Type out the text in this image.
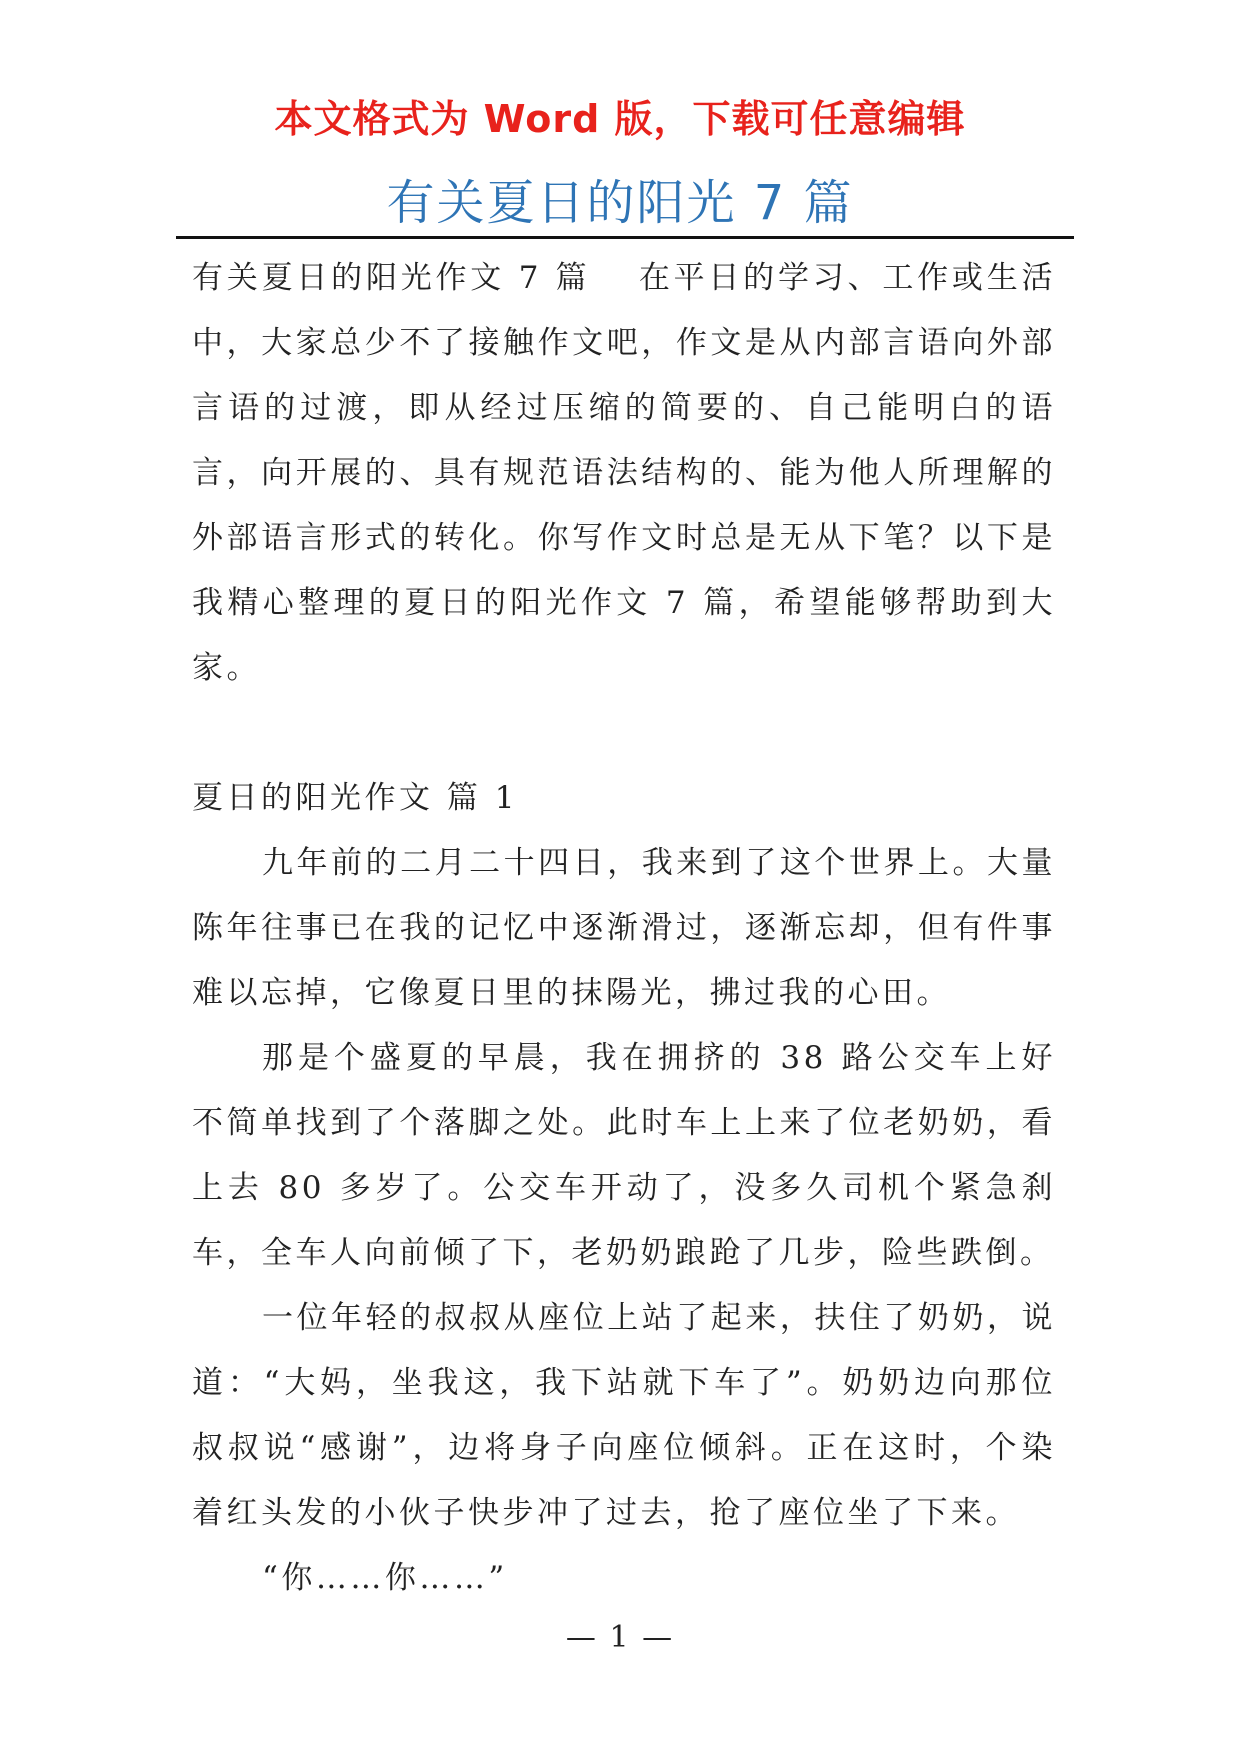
本文格式为 Word 版，下载可任意编辑
有关夏日的阳光 7 篇

有关夏日的阳光作文 7 篇　 在平日的学习、工作或生活中，大家总少不了接触作文吧，作文是从内部言语向外部言语的过渡，即从经过压缩的简要的、自己能明白的语言，向开展的、具有规范语法结构的、能为他人所理解的外部语言形式的转化。你写作文时总是无从下笔？以下是我精心整理的夏日的阳光作文 7 篇，希望能够帮助到大家。

夏日的阳光作文 篇 1

九年前的二月二十四日，我来到了这个世界上。大量陈年往事已在我的记忆中逐渐滑过，逐渐忘却，但有件事难以忘掉，它像夏日里的抹陽光，拂过我的心田。

那是个盛夏的早晨，我在拥挤的 38 路公交车上好不简单找到了个落脚之处。此时车上上来了位老奶奶，看上去 80 多岁了。公交车开动了，没多久司机个紧急刹车，全车人向前倾了下，老奶奶踉跄了几步，险些跌倒。

一位年轻的叔叔从座位上站了起来，扶住了奶奶，说道：“大妈，坐我这，我下站就下车了”。奶奶边向那位叔叔说“感谢”，边将身子向座位倾斜。正在这时，个染着红头发的小伙子快步冲了过去，抢了座位坐了下来。

“你……你……”

— 1 —
